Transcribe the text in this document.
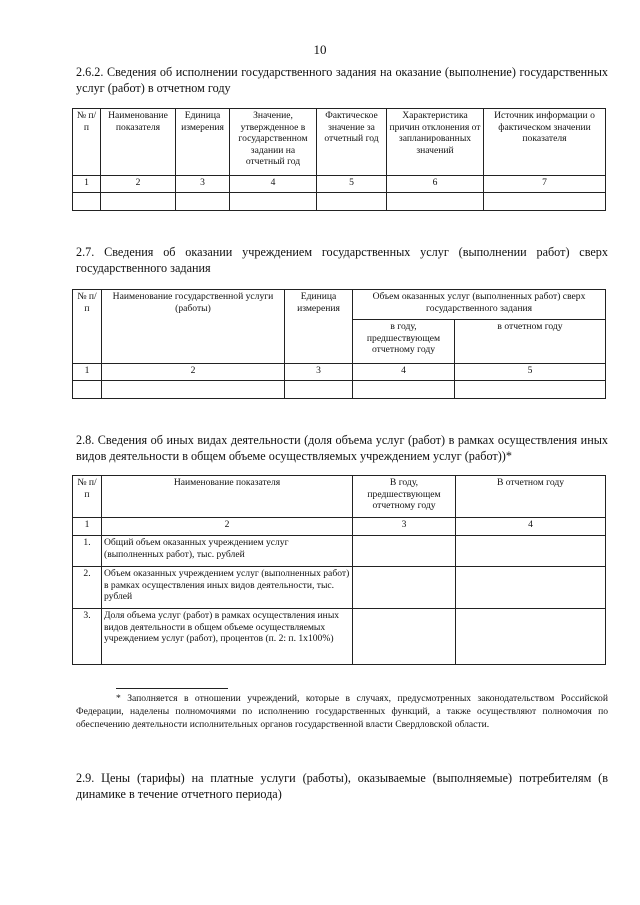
10
2.6.2. Сведения об исполнении государственного задания на оказание (выполнение) государственных услуг (работ) в отчетном году
№ п/п	Наименование показателя	Единица измерения	Значение, утвержденное в государственном задании на отчетный год	Фактическое значение за отчетный год	Характеристика причин отклонения от запланированных значений	Источник информации о фактическом значении показателя
1	2	3	4	5	6	7

2.7. Сведения об оказании учреждением государственных услуг (выполнении работ) сверх государственного задания
№ п/п	Наименование государственной услуги (работы)	Единица измерения	Объем оказанных услуг (выполненных работ) сверх государственного задания	
			в году, предшествующем отчетному году	в отчетном году
1	2	3	4	5

2.8. Сведения об иных видах деятельности (доля объема услуг (работ) в рамках осуществления иных видов деятельности в общем объеме осуществляемых учреждением услуг (работ))*
№ п/п	Наименование показателя	В году, предшествующем отчетному году	В отчетном году
1	2	3	4
1.	Общий объем оказанных учреждением услуг (выполненных работ), тыс. рублей		
2.	Объем оказанных учреждением услуг (выполненных работ) в рамках осуществления иных видов деятельности, тыс. рублей		
3.	Доля объема услуг (работ) в рамках осуществления иных видов деятельности в общем объеме осуществляемых учреждением услуг (работ), процентов (п. 2: п. 1х100%)		
* Заполняется в отношении учреждений, которые в случаях, предусмотренных законодательством Российской Федерации, наделены полномочиями по исполнению государственных функций, а также осуществляют полномочия по обеспечению деятельности исполнительных органов государственной власти Свердловской области.
2.9. Цены (тарифы) на платные услуги (работы), оказываемые (выполняемые) потребителям (в динамике в течение отчетного периода)
